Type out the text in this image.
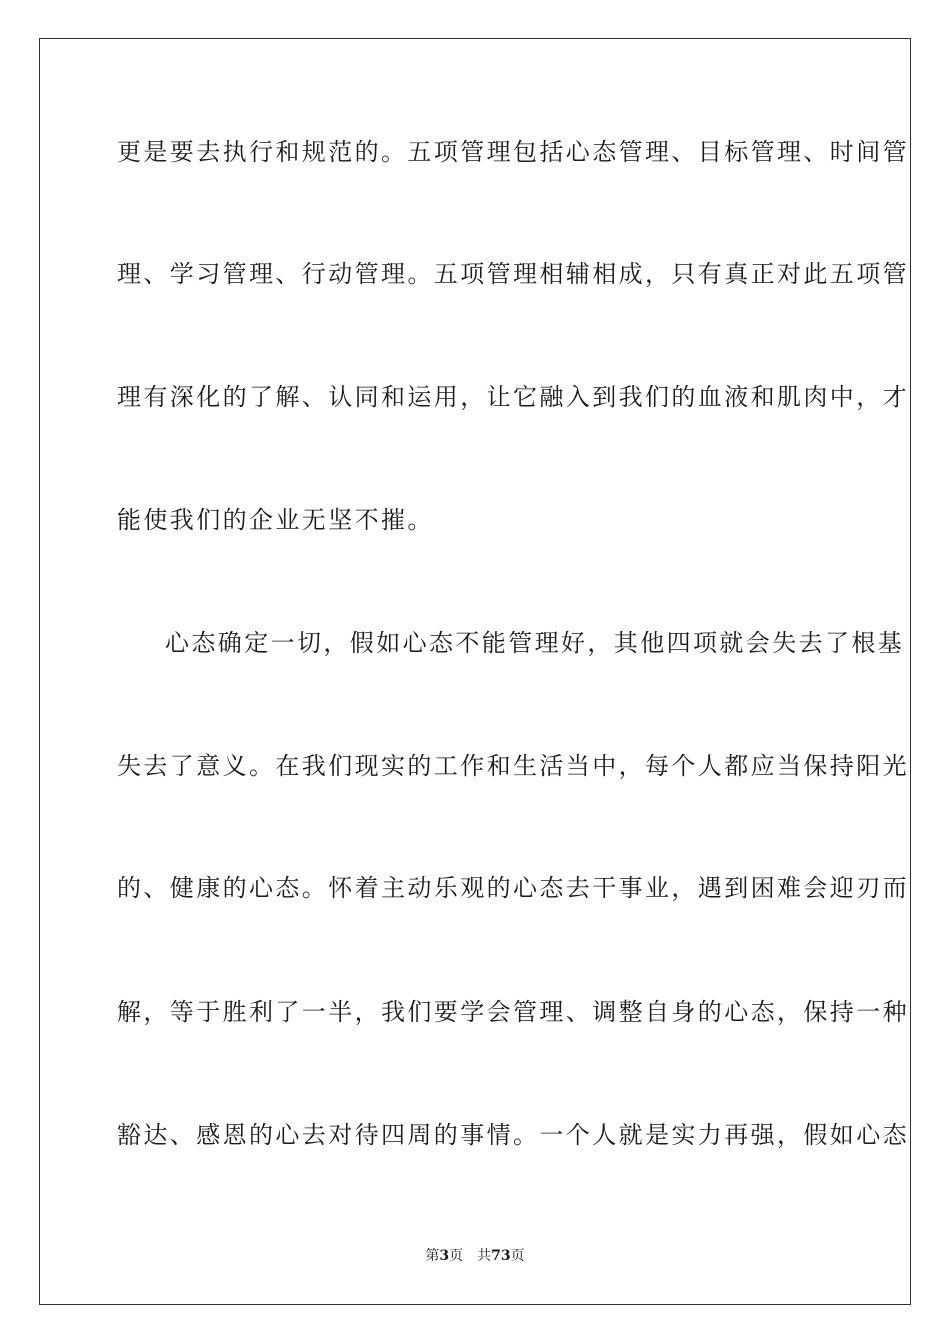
更是要去执行和规范的。五项管理包括心态管理、目标管理、时间管
理、学习管理、行动管理。五项管理相辅相成，只有真正对此五项管
理有深化的了解、认同和运用，让它融入到我们的血液和肌肉中，才
能使我们的企业无坚不摧。
心态确定一切，假如心态不能管理好，其他四项就会失去了根基
失去了意义。在我们现实的工作和生活当中，每个人都应当保持阳光
的、健康的心态。怀着主动乐观的心态去干事业，遇到困难会迎刃而
解，等于胜利了一半，我们要学会管理、调整自身的心态，保持一种
豁达、感恩的心去对待四周的事情。一个人就是实力再强，假如心态
第3页 共73页
